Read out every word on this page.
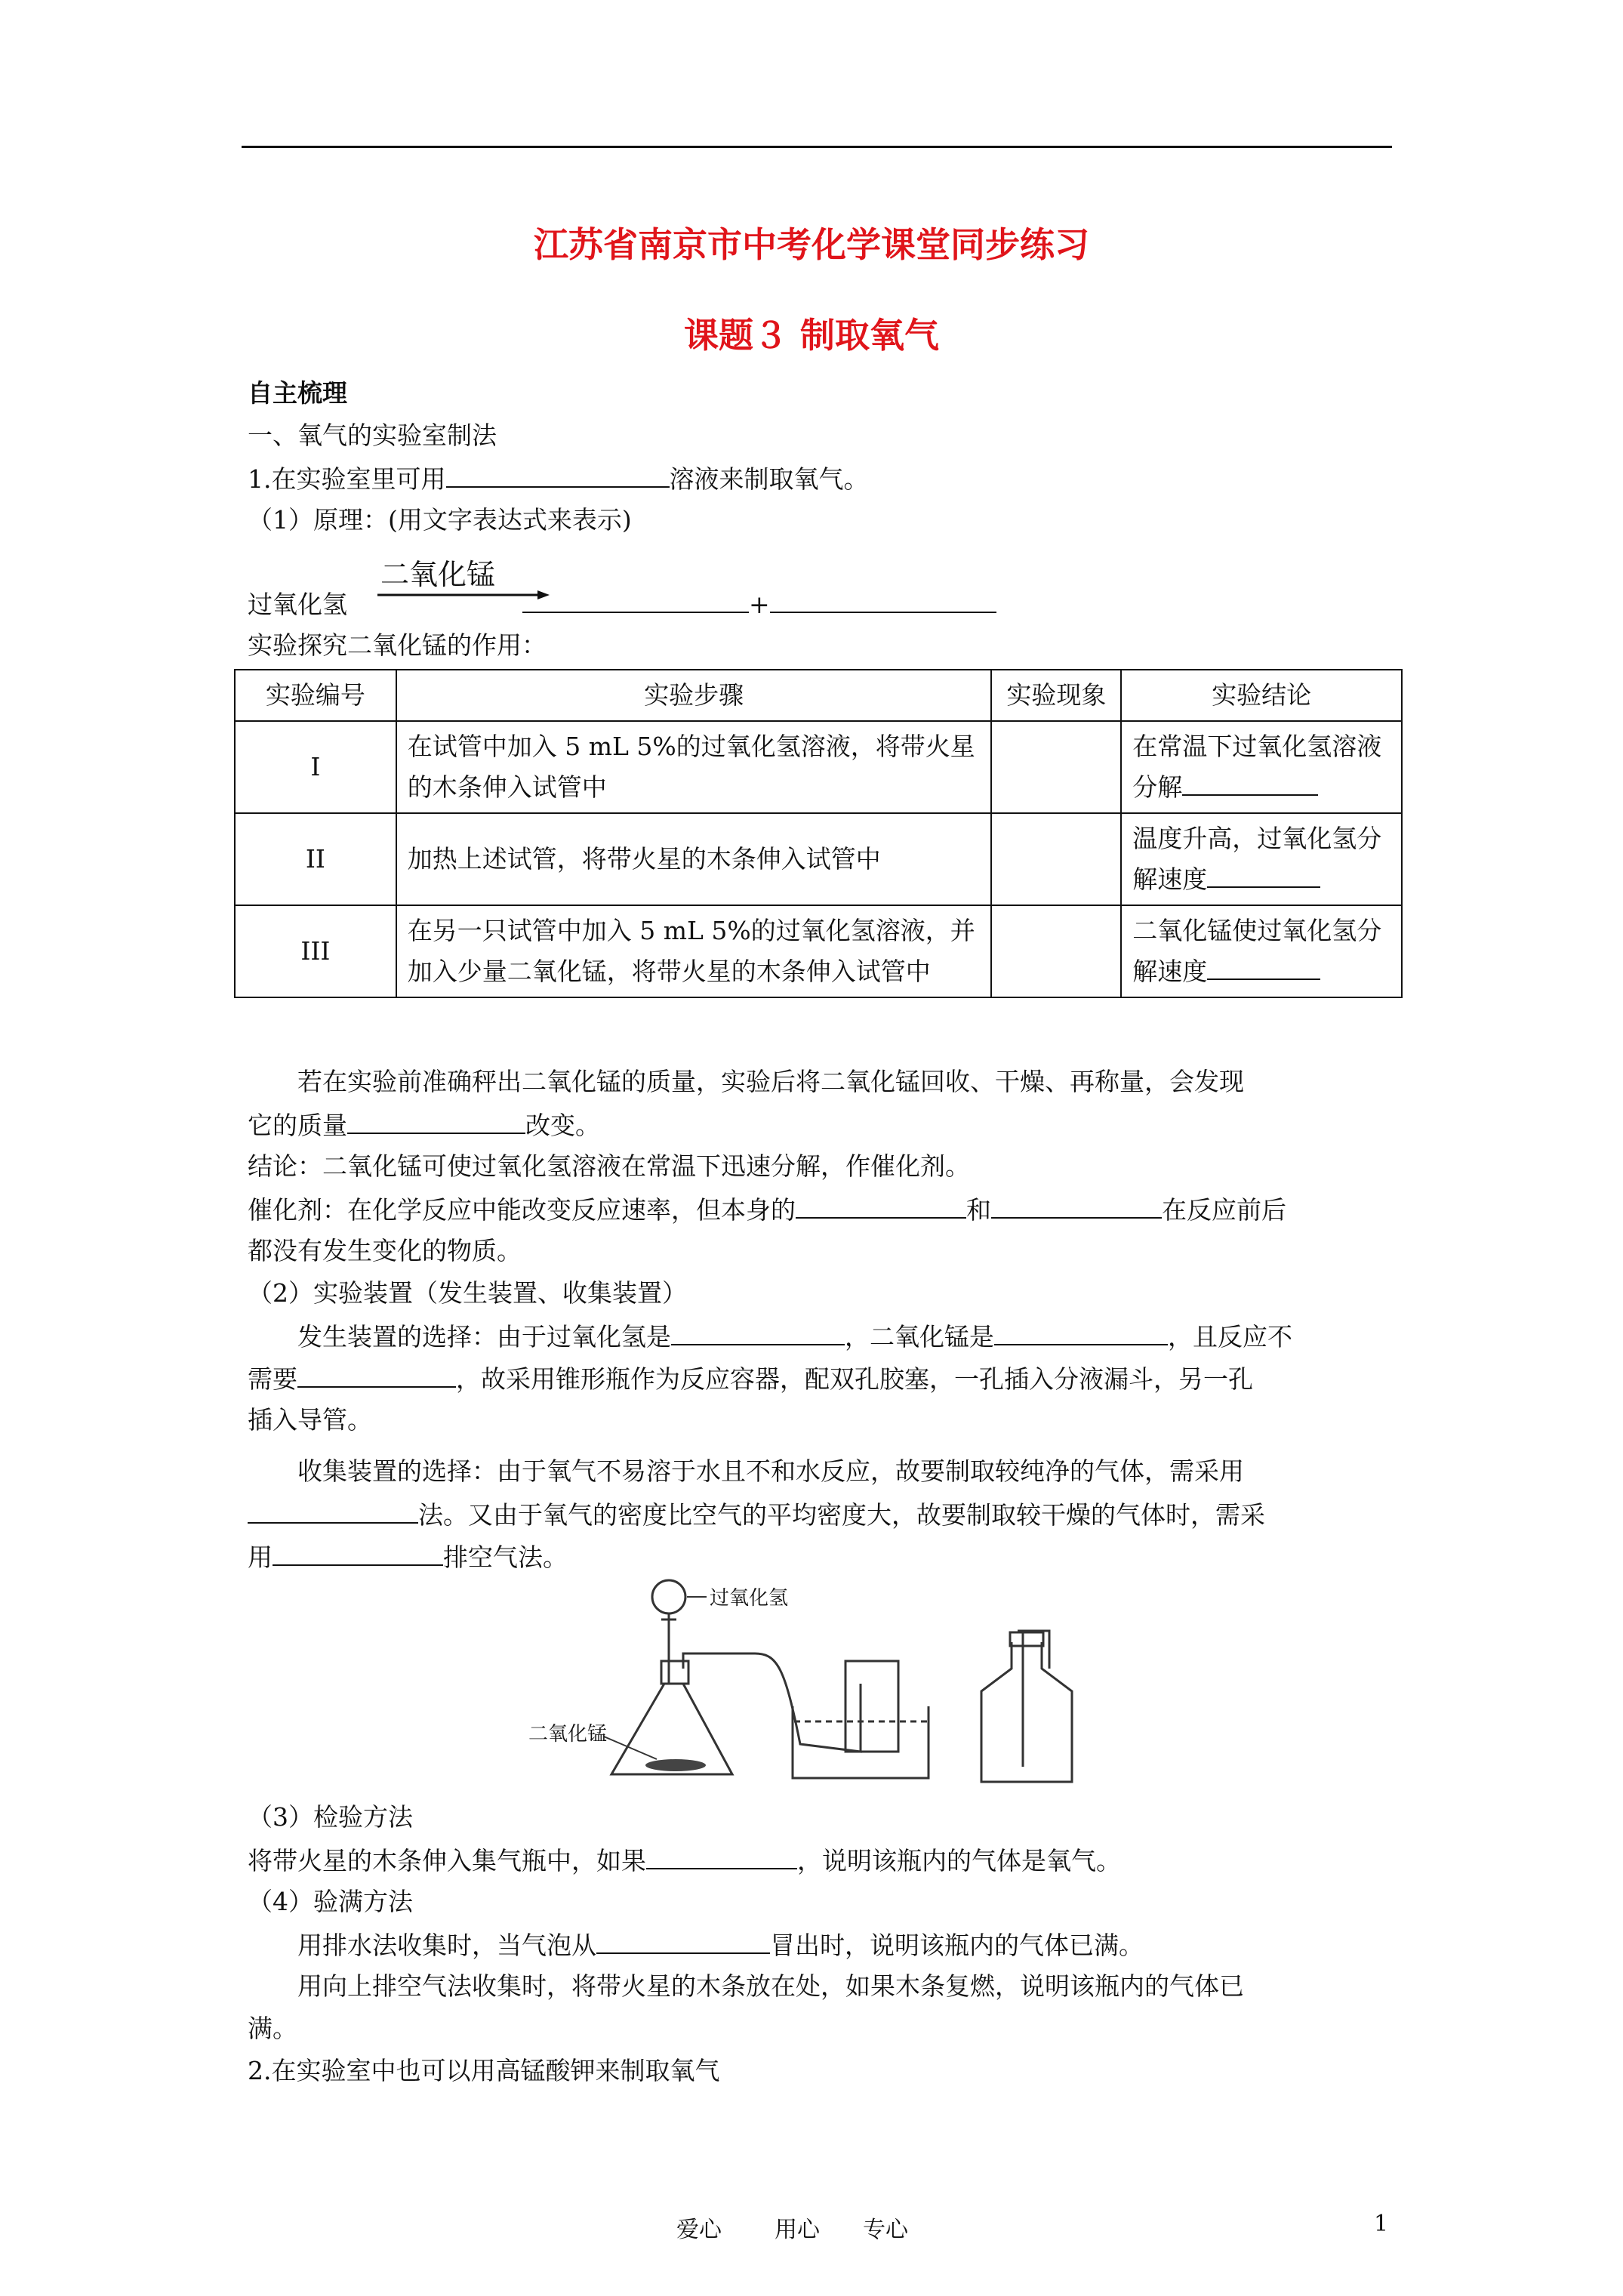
江苏省南京市中考化学课堂同步练习
课题３ 制取氧气
自主梳理
一、氧气的实验室制法
1.在实验室里可用	溶液来制取氧气。
（1）原理：(用文字表达式来表示)
二氧化锰
过氧化氢	+
实验探究二氧化锰的作用：
实验编号	实验步骤	实验现象	实验结论
I	在试管中加入 5 mL 5%的过氧化氢溶液，将带火星的木条伸入试管中		在常温下过氧化氢溶液分解
II	加热上述试管，将带火星的木条伸入试管中		温度升高，过氧化氢分解速度
III	在另一只试管中加入 5 mL 5%的过氧化氢溶液，并加入少量二氧化锰，将带火星的木条伸入试管中		二氧化锰使过氧化氢分解速度
若在实验前准确秤出二氧化锰的质量，实验后将二氧化锰回收、干燥、再称量，会发现
它的质量	改变。
结论：二氧化锰可使过氧化氢溶液在常温下迅速分解，作催化剂。
催化剂：在化学反应中能改变反应速率，但本身的	和	在反应前后
都没有发生变化的物质。
（2）实验装置（发生装置、收集装置）
发生装置的选择：由于过氧化氢是	，二氧化锰是	，且反应不
需要	，故采用锥形瓶作为反应容器，配双孔胶塞，一孔插入分液漏斗，另一孔
插入导管。
收集装置的选择：由于氧气不易溶于水且不和水反应，故要制取较纯净的气体，需采用
法。又由于氧气的密度比空气的平均密度大，故要制取较干燥的气体时，需采
用	排空气法。
过氧化氢
二氧化锰
（3）检验方法
将带火星的木条伸入集气瓶中，如果	，说明该瓶内的气体是氧气。
（4）验满方法
用排水法收集时，当气泡从	冒出时，说明该瓶内的气体已满。
用向上排空气法收集时，将带火星的木条放在处，如果木条复燃，说明该瓶内的气体已
满。
2.在实验室中也可以用高锰酸钾来制取氧气
爱心 用心 专心	1
